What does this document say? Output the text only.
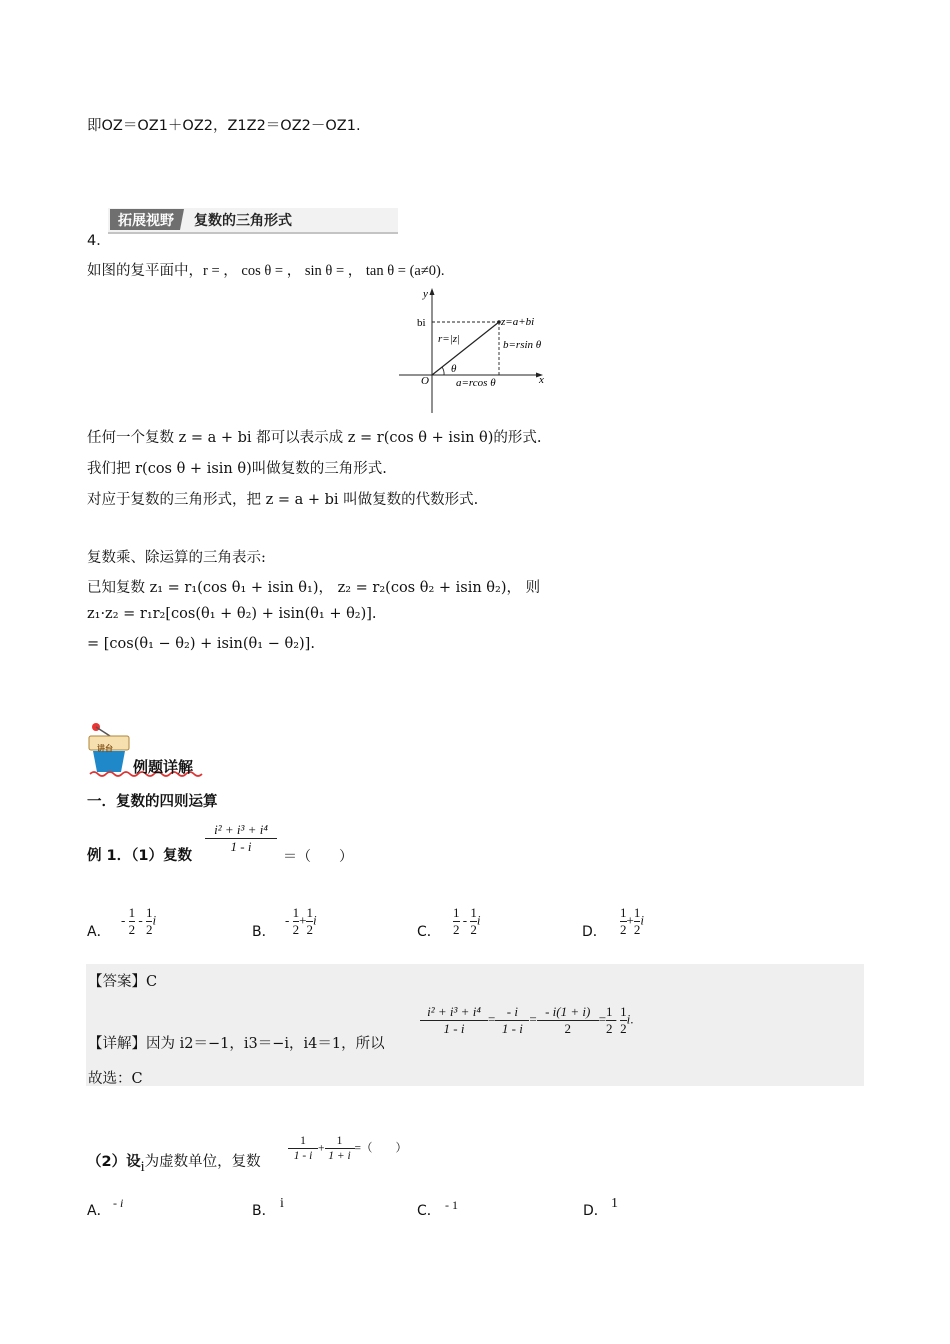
即OZ＝OZ1＋OZ2，Z1Z2＝OZ2－OZ1.
拓展视野 复数的三角形式
4．
如图的复平面中，r = ， cos θ = ， sin θ = ， tan θ = (a≠0).
y
x
O
bi	z=a+bi
r=|z|	b=rsin θ
a=rcos θ
θ
任何一个复数 z = a + bi 都可以表示成 z = r(cos θ + isin θ)的形式.
我们把 r(cos θ + isin θ)叫做复数的三角形式.
对应于复数的三角形式，把 z = a + bi 叫做复数的代数形式.
复数乘、除运算的三角表示:
已知复数 z₁ = r₁(cos θ₁ + isin θ₁)， z₂ = r₂(cos θ₂ + isin θ₂)， 则
z₁·z₂ = r₁r₂[cos(θ₁ + θ₂) + isin(θ₁ + θ₂)].
= [cos(θ₁ − θ₂) + isin(θ₁ − θ₂)].
讲台
例题详解
一．复数的四则运算
例 1．（1）复数
$\frac{\text{i² + i³ + i⁴}}{1 - i}$
＝（　　）
A．
- $\frac{1}{2} - \frac{1}{2}$ i
B．
- $\frac{1}{2} + \frac{1}{2}$ i
C． $\frac{1}{2} - \frac{1}{2}$ i
D． $\frac{1}{2} + \frac{1}{2}$ i
【答案】C
【详解】因为 i2＝−1，i3＝−i，i4＝1，所以
$\frac{\text{i² + i³ + i⁴}}{1 - i} = \frac{- i}{1 - i} = \frac{- i(1 + i)}{2} = \frac{1}{2} - \frac{1}{2} i$.
故选：C
（2）设i为虚数单位，复数 $\frac{1}{1 - i} + \frac{1}{1 + i}$ =（　　）
A． - i	B． i	C． - 1	D． 1
